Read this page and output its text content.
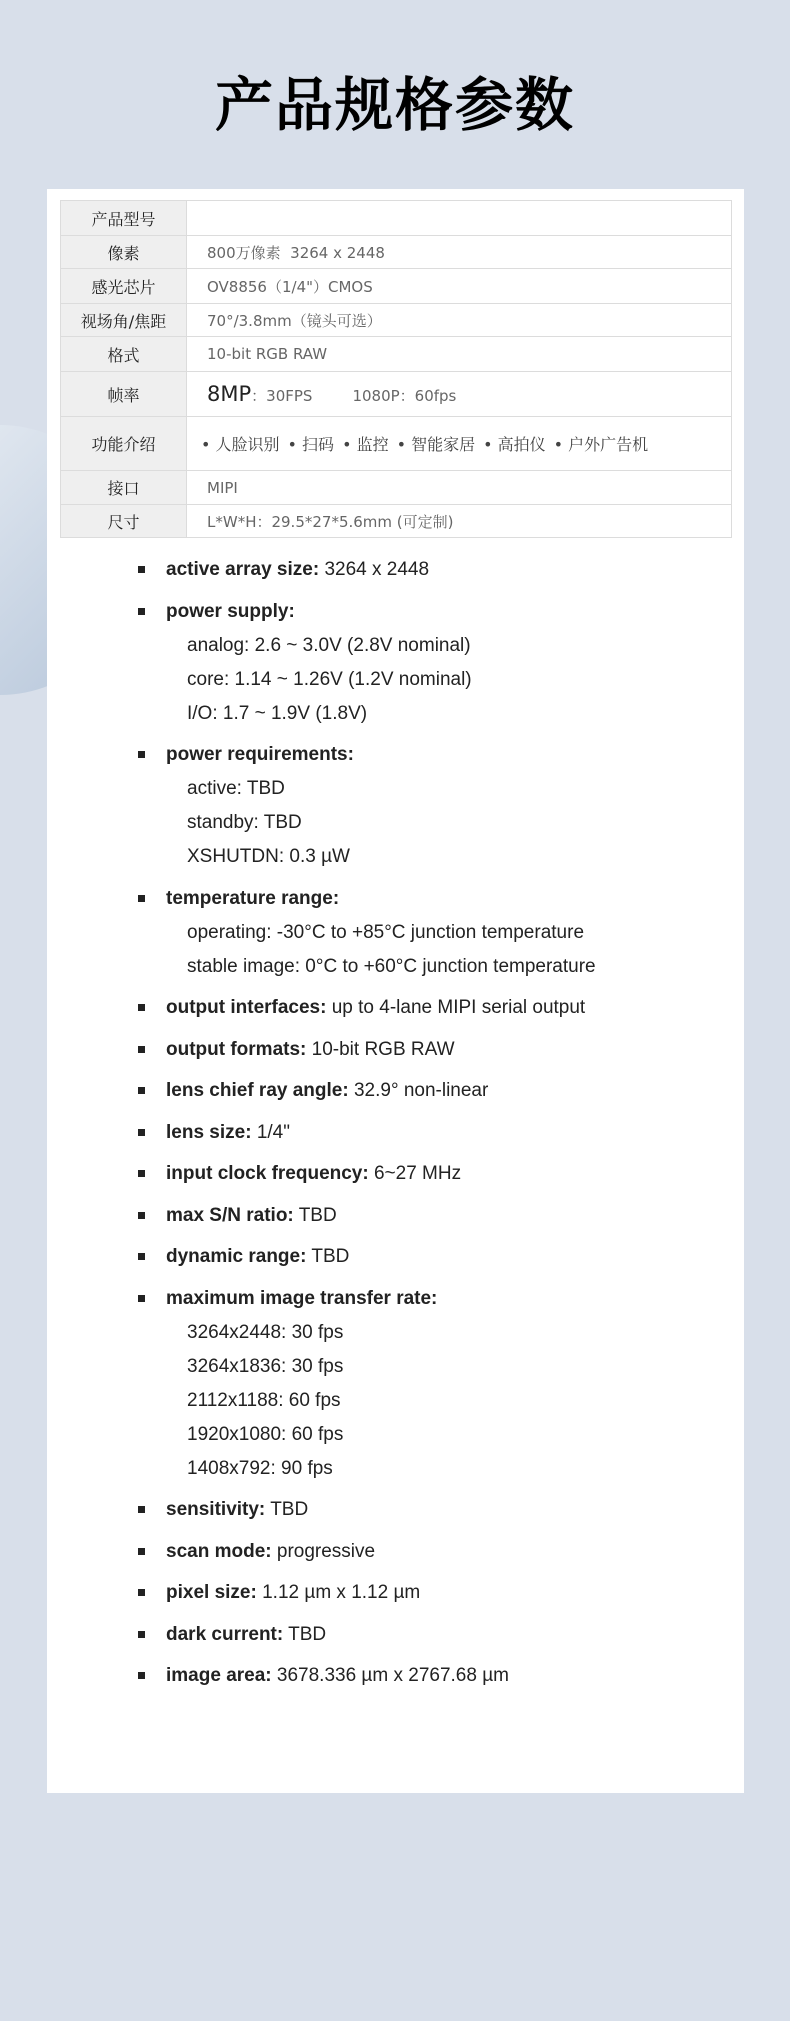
产品规格参数
产品型号	
像素	800万像素  3264 x 2448
感光芯片	OV8856（1/4"）CMOS
视场角/焦距	70°/3.8mm（镜头可选）
格式	10-bit RGB RAW
帧率	8MP：30FPS 1080P：60fps
功能介绍	• 人脸识别 • 扫码 • 监控 • 智能家居 • 高拍仪 • 户外广告机
接口	MIPI
尺寸	L*W*H：29.5*27*5.6mm (可定制)
active array size: 3264 x 2448
power supply:
analog: 2.6 ~ 3.0V (2.8V nominal)
core: 1.14 ~ 1.26V (1.2V nominal)
I/O: 1.7 ~ 1.9V (1.8V)
power requirements:
active: TBD
standby: TBD
XSHUTDN: 0.3 µW
temperature range:
operating: -30°C to +85°C junction temperature
stable image: 0°C to +60°C junction temperature
output interfaces: up to 4-lane MIPI serial output
output formats: 10-bit RGB RAW
lens chief ray angle: 32.9° non-linear
lens size: 1/4"
input clock frequency: 6~27 MHz
max S/N ratio: TBD
dynamic range: TBD
maximum image transfer rate:
3264x2448: 30 fps
3264x1836: 30 fps
2112x1188: 60 fps
1920x1080: 60 fps
1408x792: 90 fps
sensitivity: TBD
scan mode: progressive
pixel size: 1.12 µm x 1.12 µm
dark current: TBD
image area: 3678.336 µm x 2767.68 µm
